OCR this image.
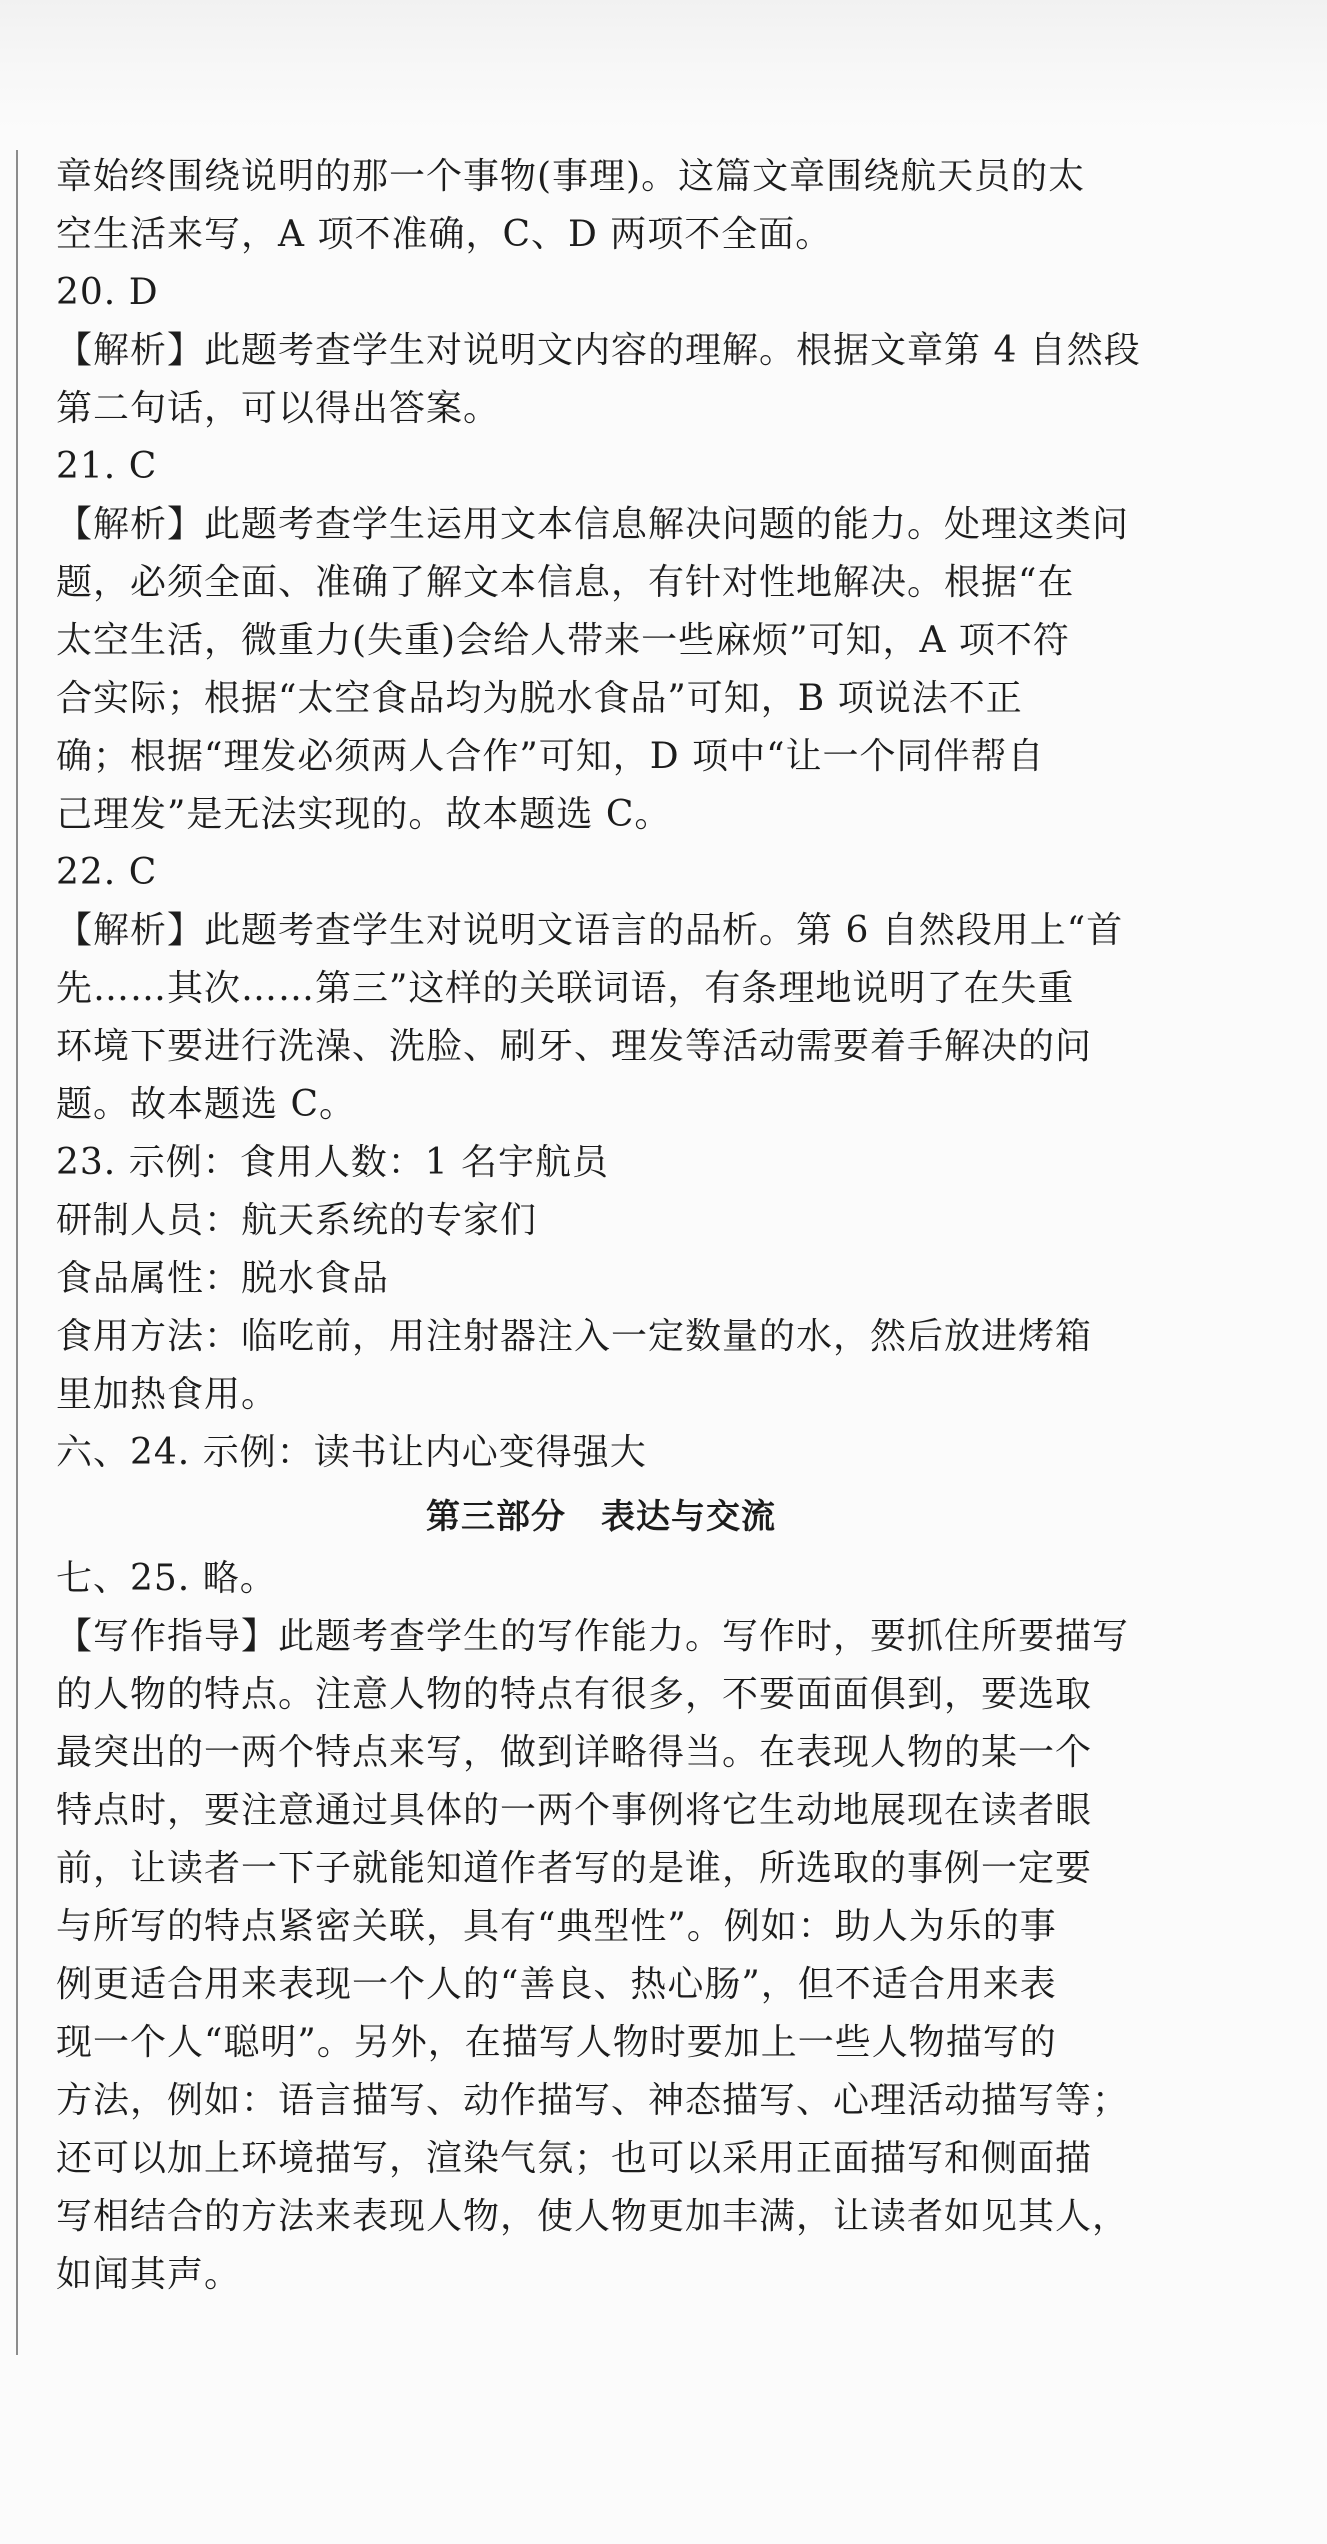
章始终围绕说明的那一个事物(事理)。这篇文章围绕航天员的太

空生活来写，A 项不准确，C、D 两项不全面。

20. D

【解析】此题考查学生对说明文内容的理解。根据文章第 4 自然段

第二句话，可以得出答案。

21. C

【解析】此题考查学生运用文本信息解决问题的能力。处理这类问

题，必须全面、准确了解文本信息，有针对性地解决。根据“在

太空生活，微重力(失重)会给人带来一些麻烦”可知，A 项不符

合实际；根据“太空食品均为脱水食品”可知，B 项说法不正

确；根据“理发必须两人合作”可知，D 项中“让一个同伴帮自

己理发”是无法实现的。故本题选 C。

22. C

【解析】此题考查学生对说明文语言的品析。第 6 自然段用上“首

先……其次……第三”这样的关联词语，有条理地说明了在失重

环境下要进行洗澡、洗脸、刷牙、理发等活动需要着手解决的问

题。故本题选 C。

23. 示例：食用人数：1 名宇航员

研制人员：航天系统的专家们

食品属性：脱水食品

食用方法：临吃前，用注射器注入一定数量的水，然后放进烤箱

里加热食用。

六、24. 示例：读书让内心变得强大

第三部分　表达与交流

七、25. 略。

【写作指导】此题考查学生的写作能力。写作时，要抓住所要描写

的人物的特点。注意人物的特点有很多，不要面面俱到，要选取

最突出的一两个特点来写，做到详略得当。在表现人物的某一个

特点时，要注意通过具体的一两个事例将它生动地展现在读者眼

前，让读者一下子就能知道作者写的是谁，所选取的事例一定要

与所写的特点紧密关联，具有“典型性”。例如：助人为乐的事

例更适合用来表现一个人的“善良、热心肠”，但不适合用来表

现一个人“聪明”。另外，在描写人物时要加上一些人物描写的

方法，例如：语言描写、动作描写、神态描写、心理活动描写等；

还可以加上环境描写，渲染气氛；也可以采用正面描写和侧面描

写相结合的方法来表现人物，使人物更加丰满，让读者如见其人，

如闻其声。
